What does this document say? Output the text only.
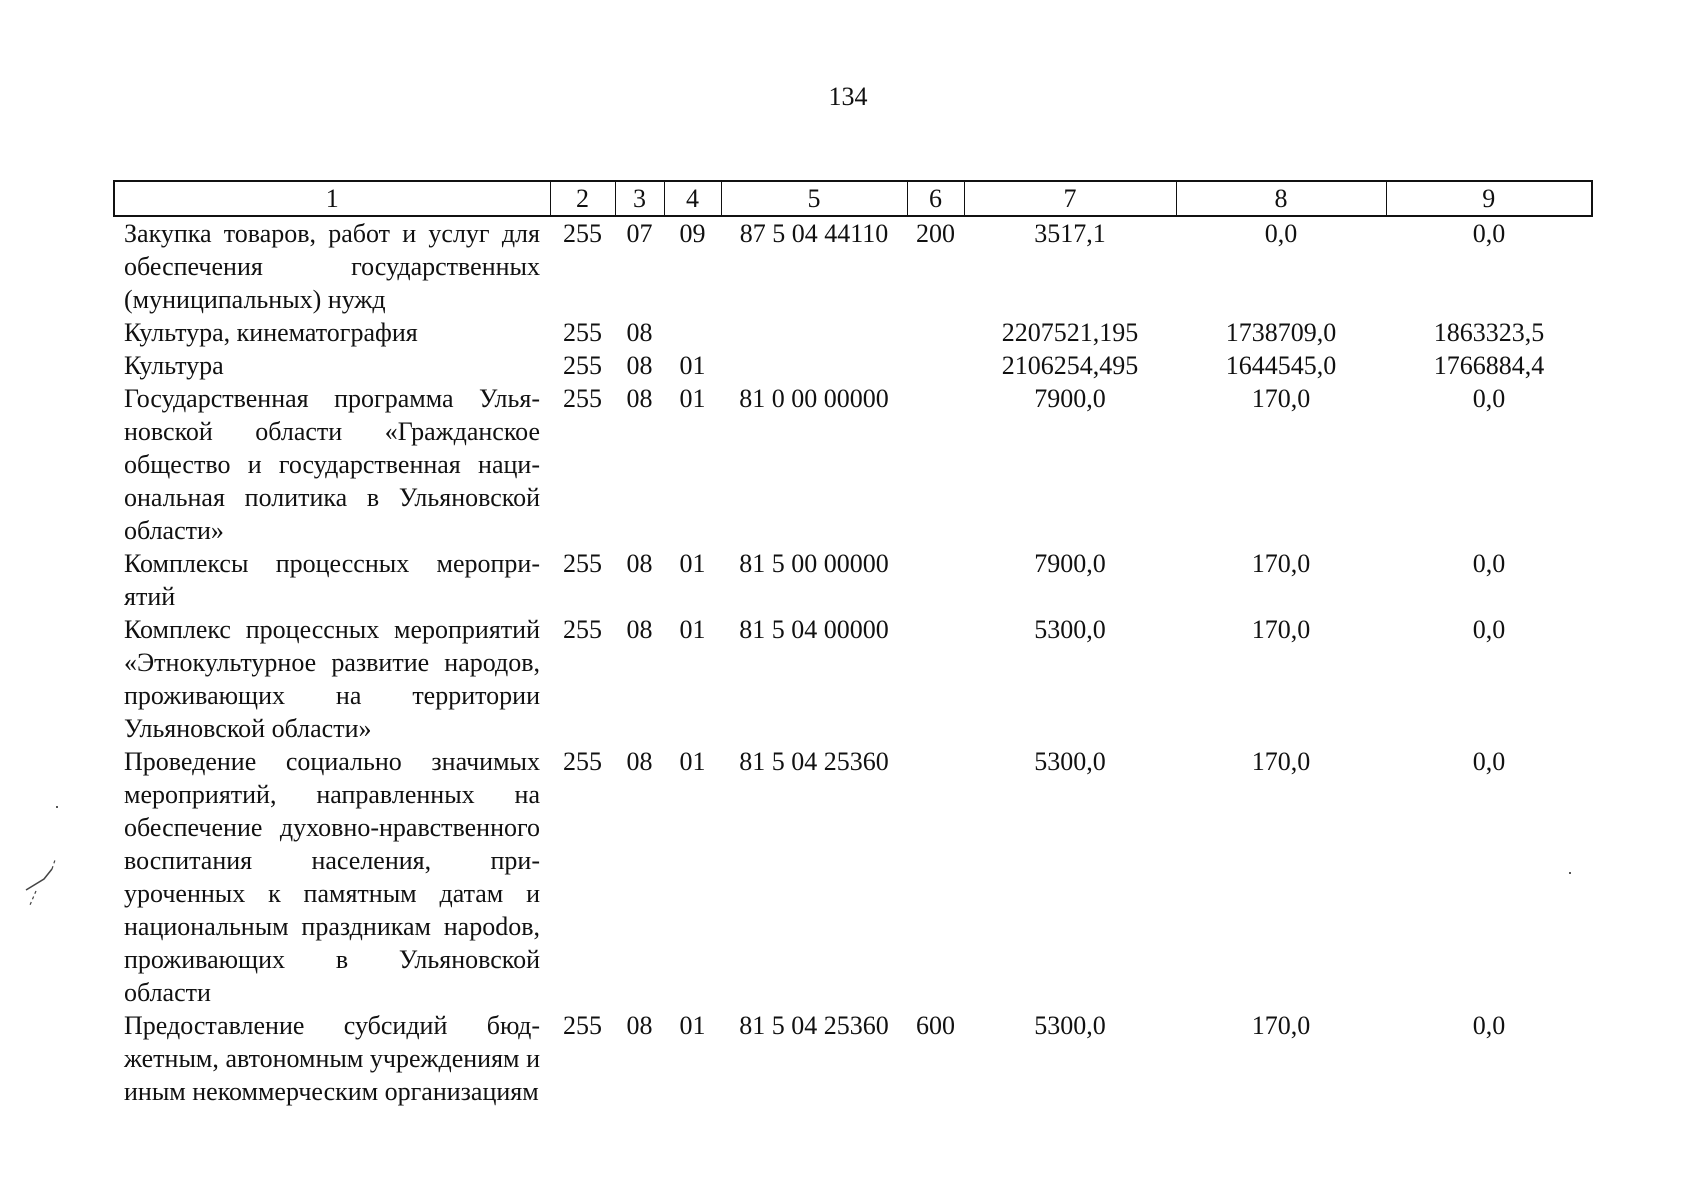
134
1	2	3	4	5	6	7	8	9
Закупка товаров, работ и услуг для обеспечения государственных (муниципальных) нужд	255	07	09	87 5 04 44110	200	3517,1	0,0	0,0
Культура, кинематография	255	08				2207521,195	1738709,0	1863323,5
Культура	255	08	01			2106254,495	1644545,0	1766884,4
Государственная программа Ульяновской области «Гражданское общество и государственная национальная политика в Ульяновской области»	255	08	01	81 0 00 00000		7900,0	170,0	0,0
Комплексы процессных мероприятий	255	08	01	81 5 00 00000		7900,0	170,0	0,0
Комплекс процессных мероприятий «Этнокультурное развитие народов, проживающих на территории Ульяновской области»	255	08	01	81 5 04 00000		5300,0	170,0	0,0
Проведение социально значимых мероприятий, направленных на обеспечение духовно-нравственного воспитания населения, приуроченных к памятным датам и национальным праздникам нароdов, проживающих в Ульяновской области	255	08	01	81 5 04 25360		5300,0	170,0	0,0
Предоставление субсидий бюджетным, автономным учреждениям и иным некоммерческим организациям	255	08	01	81 5 04 25360	600	5300,0	170,0	0,0
